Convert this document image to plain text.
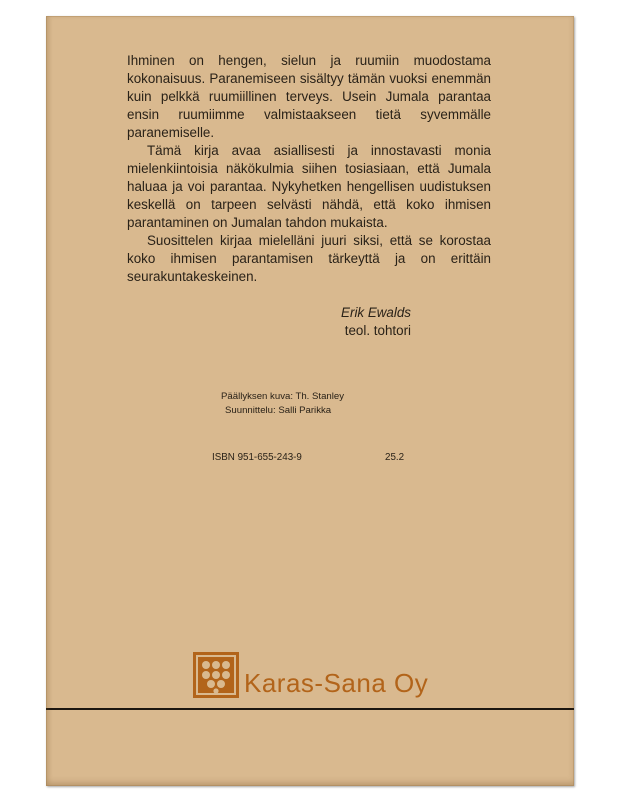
Ihminen on hengen, sielun ja ruumiin muodostama kokonaisuus. Paranemiseen sisältyy tämän vuoksi enemmän kuin pelkkä ruumiillinen terveys. Usein Jumala parantaa ensin ruumiimme valmistaakseen tietä syvemmälle paranemiselle.

Tämä kirja avaa asiallisesti ja innostavasti monia mielenkiintoisia näkökulmia siihen tosiasiaan, että Jumala haluaa ja voi parantaa. Nykyhetken hengellisen uudistuksen keskellä on tarpeen selvästi nähdä, että koko ihmisen parantaminen on Jumalan tahdon mukaista.

Suosittelen kirjaa mielelläni juuri siksi, että se korostaa koko ihmisen parantamisen tärkeyttä ja on erittäin seurakuntakeskeinen.

Erik Ewalds
teol. tohtori
Päällyksen kuva: Th. Stanley
Suunnittelu: Salli Parikka
ISBN 951-655-243-9	25.2
Karas-Sana Oy
